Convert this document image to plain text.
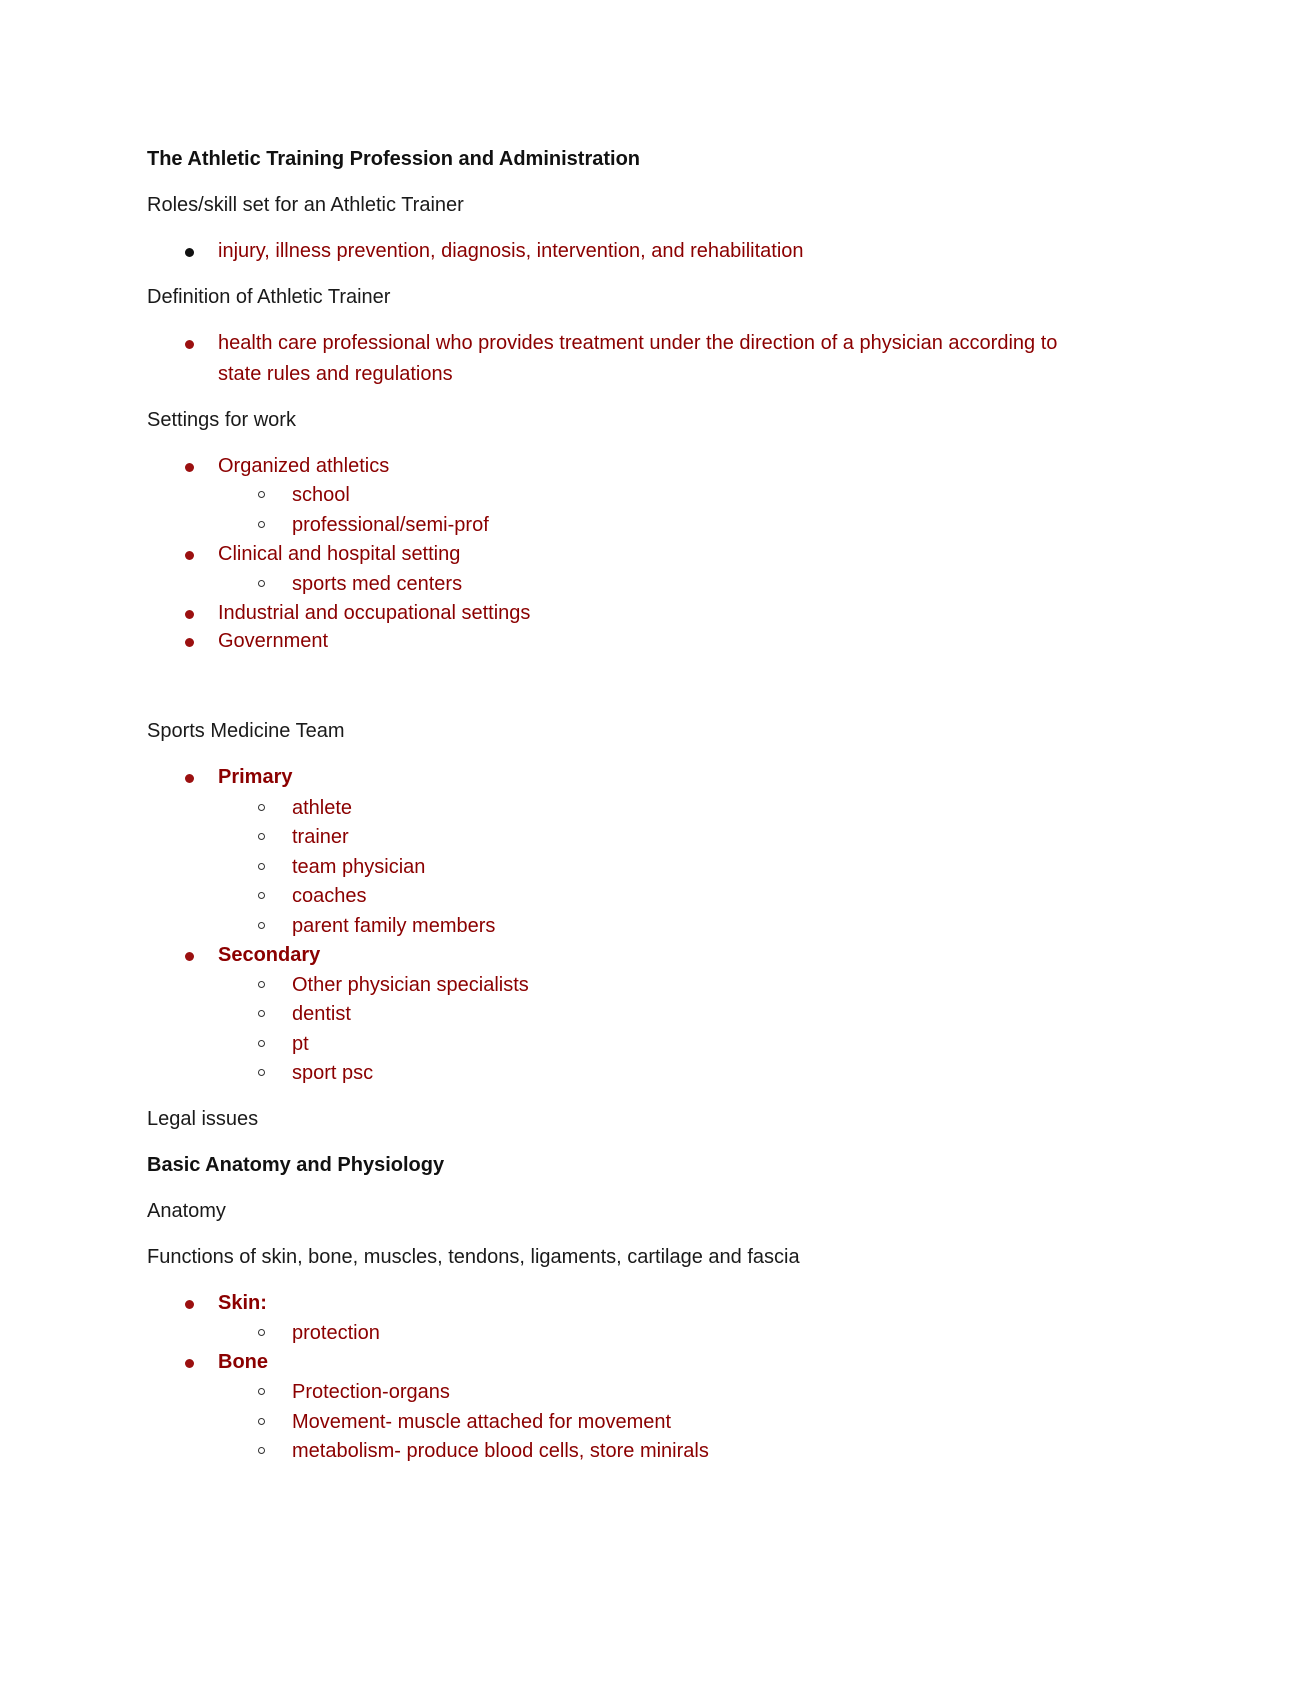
The Athletic Training Profession and Administration

Roles/skill set for an Athletic Trainer

injury, illness prevention, diagnosis, intervention, and rehabilitation

Definition of Athletic Trainer

health care professional who provides treatment under the direction of a physician according to

state rules and regulations

Settings for work

Organized athletics

school

professional/semi-prof

Clinical and hospital setting

sports med centers

Industrial and occupational settings

Government

Sports Medicine Team

Primary

athlete

trainer

team physician

coaches

parent family members

Secondary

Other physician specialists

dentist

pt

sport psc

Legal issues

Basic Anatomy and Physiology

Anatomy

Functions of skin, bone, muscles, tendons, ligaments, cartilage and fascia

Skin:

protection

Bone

Protection-organs

Movement- muscle attached for movement

metabolism- produce blood cells, store minirals
